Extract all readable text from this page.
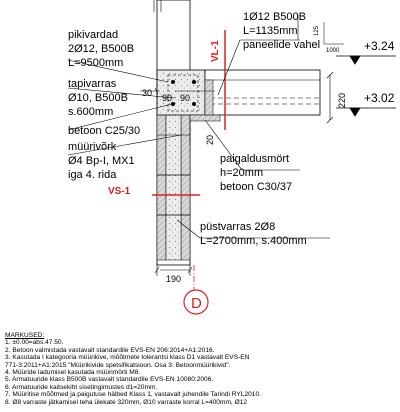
125
1000
pikivardad
2Ø12, B500B
L=9500mm
tapivarras
Ø10, B500B
s.600mm
betoon C25/30
müürivõrk
Ø4 Bp-I, MX1
iga 4. rida
1Ø12 B500B
L=1135mm
paneelide vahel
paigaldusmört
h=20mm
betoon C30/37
püstvarras 2Ø8
L=2700mm, s.400mm
30 90 90
20
220
190
+3.24
+3.02
VS-1
VL-1
D
MÄRKUSED:
1. ±0.00=abs.47.50.
2. Betoon valmistada vastavalt standardile EVS-EN 206:2014+A1:2016.
3. Kasutada I kategooria müürikive, mõõtmete tolerantsi klass D1 vastavalt EVS-EN
771-3:2011+A1:2015 "Müürikivide spetsifikatsioon. Osa 3: Betoonmüürikivid".
4. Müüride ladumisel kasutada müürimörti M8.
5. Armatuuride klass B500B vastavalt standardile EVS-EN 10080:2006.
6. Armatuuride kaitsekiht sisetingimustes d1=20mm.
7. Müüritise mõõtmed ja paigutuse hälbed Klass 1, vastavalt juhendile Tarindi RYL2010.
8. Ø8 varraste jätkamisel teha ülekate 320mm, Ø10 varraste korral L=400mm, Ø12
